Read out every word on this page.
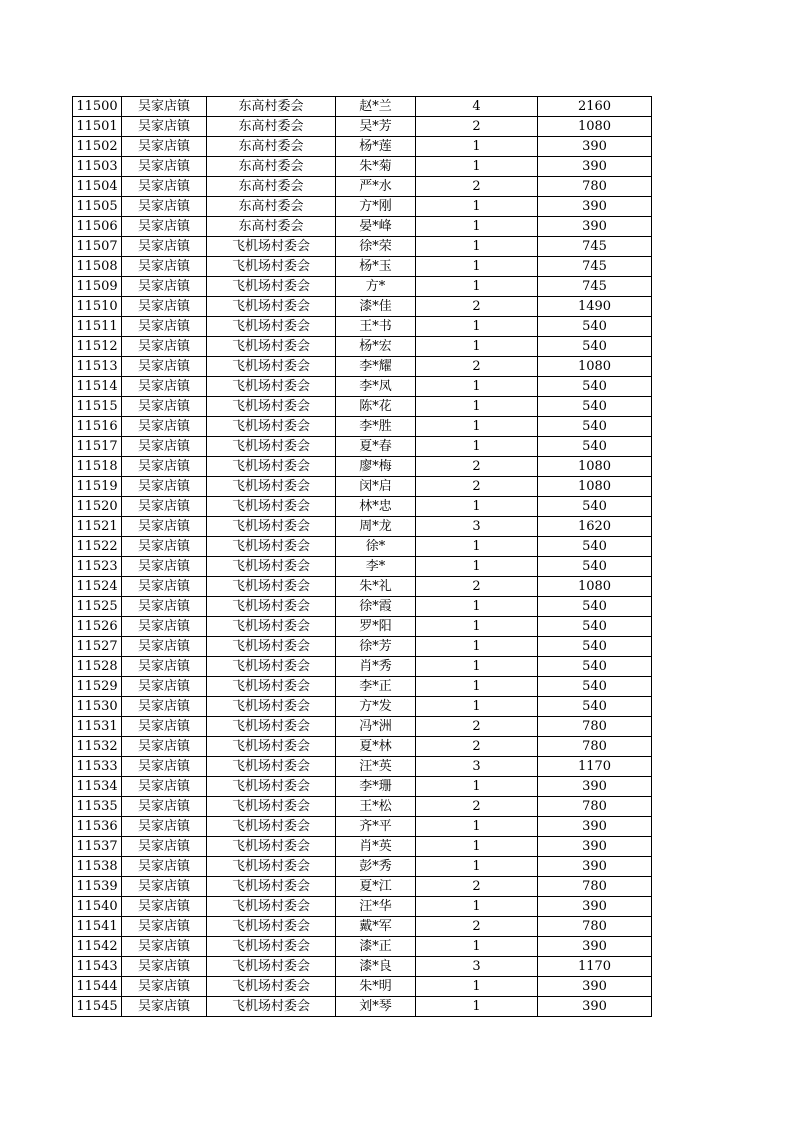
11500	吴家店镇	东高村委会	赵*兰	4	2160
11501	吴家店镇	东高村委会	吴*芳	2	1080
11502	吴家店镇	东高村委会	杨*莲	1	390
11503	吴家店镇	东高村委会	朱*菊	1	390
11504	吴家店镇	东高村委会	严*水	2	780
11505	吴家店镇	东高村委会	方*刚	1	390
11506	吴家店镇	东高村委会	晏*峰	1	390
11507	吴家店镇	飞机场村委会	徐*荣	1	745
11508	吴家店镇	飞机场村委会	杨*玉	1	745
11509	吴家店镇	飞机场村委会	方*	1	745
11510	吴家店镇	飞机场村委会	漆*佳	2	1490
11511	吴家店镇	飞机场村委会	王*书	1	540
11512	吴家店镇	飞机场村委会	杨*宏	1	540
11513	吴家店镇	飞机场村委会	李*耀	2	1080
11514	吴家店镇	飞机场村委会	李*凤	1	540
11515	吴家店镇	飞机场村委会	陈*花	1	540
11516	吴家店镇	飞机场村委会	李*胜	1	540
11517	吴家店镇	飞机场村委会	夏*春	1	540
11518	吴家店镇	飞机场村委会	廖*梅	2	1080
11519	吴家店镇	飞机场村委会	闵*启	2	1080
11520	吴家店镇	飞机场村委会	林*忠	1	540
11521	吴家店镇	飞机场村委会	周*龙	3	1620
11522	吴家店镇	飞机场村委会	徐*	1	540
11523	吴家店镇	飞机场村委会	李*	1	540
11524	吴家店镇	飞机场村委会	朱*礼	2	1080
11525	吴家店镇	飞机场村委会	徐*霞	1	540
11526	吴家店镇	飞机场村委会	罗*阳	1	540
11527	吴家店镇	飞机场村委会	徐*芳	1	540
11528	吴家店镇	飞机场村委会	肖*秀	1	540
11529	吴家店镇	飞机场村委会	李*正	1	540
11530	吴家店镇	飞机场村委会	方*发	1	540
11531	吴家店镇	飞机场村委会	冯*洲	2	780
11532	吴家店镇	飞机场村委会	夏*林	2	780
11533	吴家店镇	飞机场村委会	汪*英	3	1170
11534	吴家店镇	飞机场村委会	李*珊	1	390
11535	吴家店镇	飞机场村委会	王*松	2	780
11536	吴家店镇	飞机场村委会	齐*平	1	390
11537	吴家店镇	飞机场村委会	肖*英	1	390
11538	吴家店镇	飞机场村委会	彭*秀	1	390
11539	吴家店镇	飞机场村委会	夏*江	2	780
11540	吴家店镇	飞机场村委会	汪*华	1	390
11541	吴家店镇	飞机场村委会	戴*军	2	780
11542	吴家店镇	飞机场村委会	漆*正	1	390
11543	吴家店镇	飞机场村委会	漆*良	3	1170
11544	吴家店镇	飞机场村委会	朱*明	1	390
11545	吴家店镇	飞机场村委会	刘*琴	1	390
